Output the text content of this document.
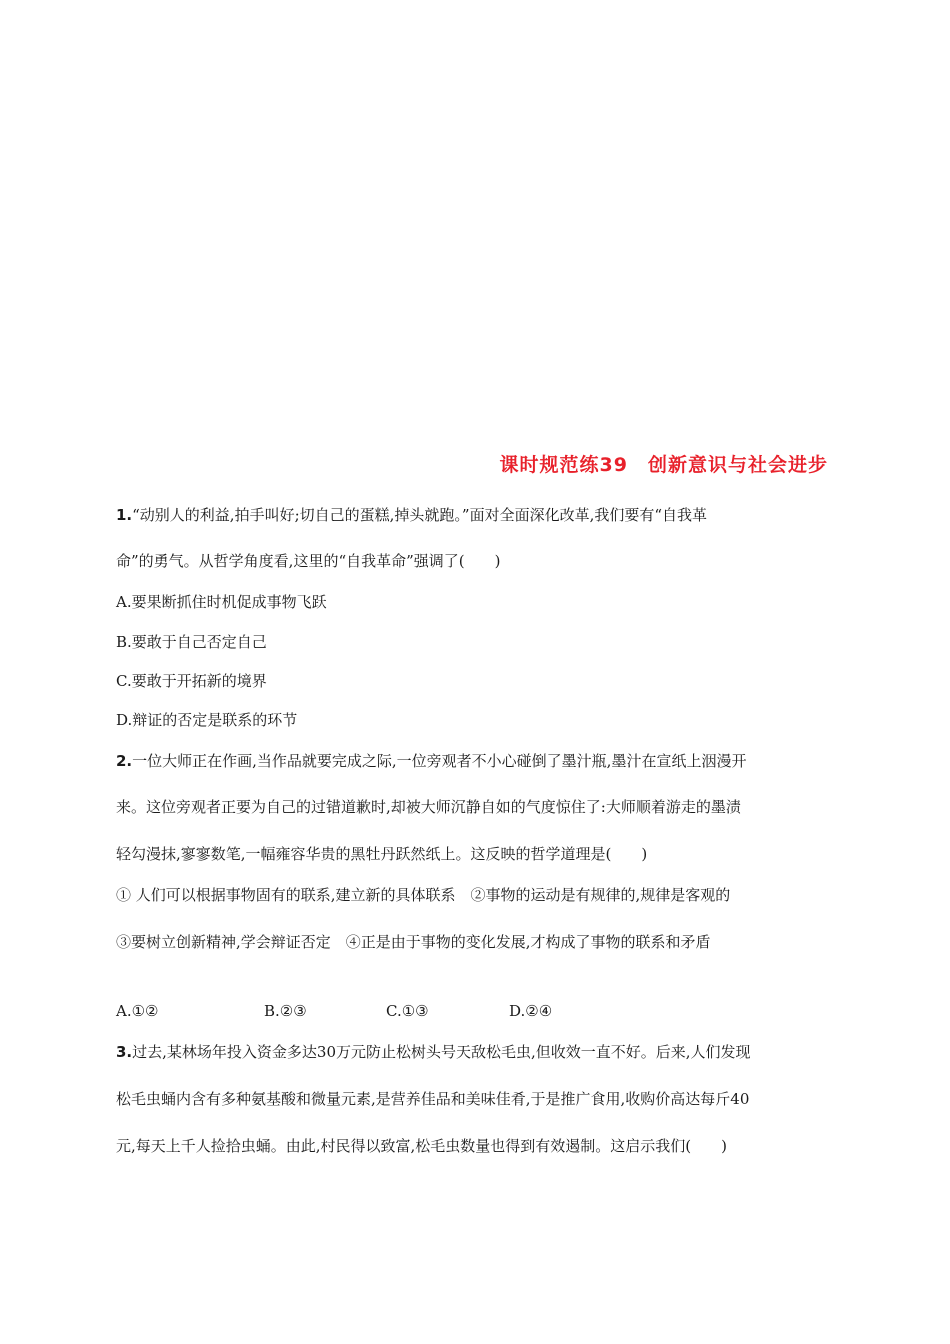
课时规范练39　创新意识与社会进步
1.“动别人的利益,拍手叫好;切自己的蛋糕,掉头就跑。”面对全面深化改革,我们要有“自我革
命”的勇气。从哲学角度看,这里的“自我革命”强调了(　　)
A.要果断抓住时机促成事物飞跃
B.要敢于自己否定自己
C.要敢于开拓新的境界
D.辩证的否定是联系的环节
2.一位大师正在作画,当作品就要完成之际,一位旁观者不小心碰倒了墨汁瓶,墨汁在宣纸上洇漫开
来。这位旁观者正要为自己的过错道歉时,却被大师沉静自如的气度惊住了:大师顺着游走的墨渍
轻勾漫抹,寥寥数笔,一幅雍容华贵的黑牡丹跃然纸上。这反映的哲学道理是(　　)
① 人们可以根据事物固有的联系,建立新的具体联系　②事物的运动是有规律的,规律是客观的
③要树立创新精神,学会辩证否定　④正是由于事物的变化发展,才构成了事物的联系和矛盾
A.①②	B.②③	C.①③	D.②④
3.过去,某林场年投入资金多达30万元防止松树头号天敌松毛虫,但收效一直不好。后来,人们发现
松毛虫蛹内含有多种氨基酸和微量元素,是营养佳品和美味佳肴,于是推广食用,收购价高达每斤40
元,每天上千人捡拾虫蛹。由此,村民得以致富,松毛虫数量也得到有效遏制。这启示我们(　　)
